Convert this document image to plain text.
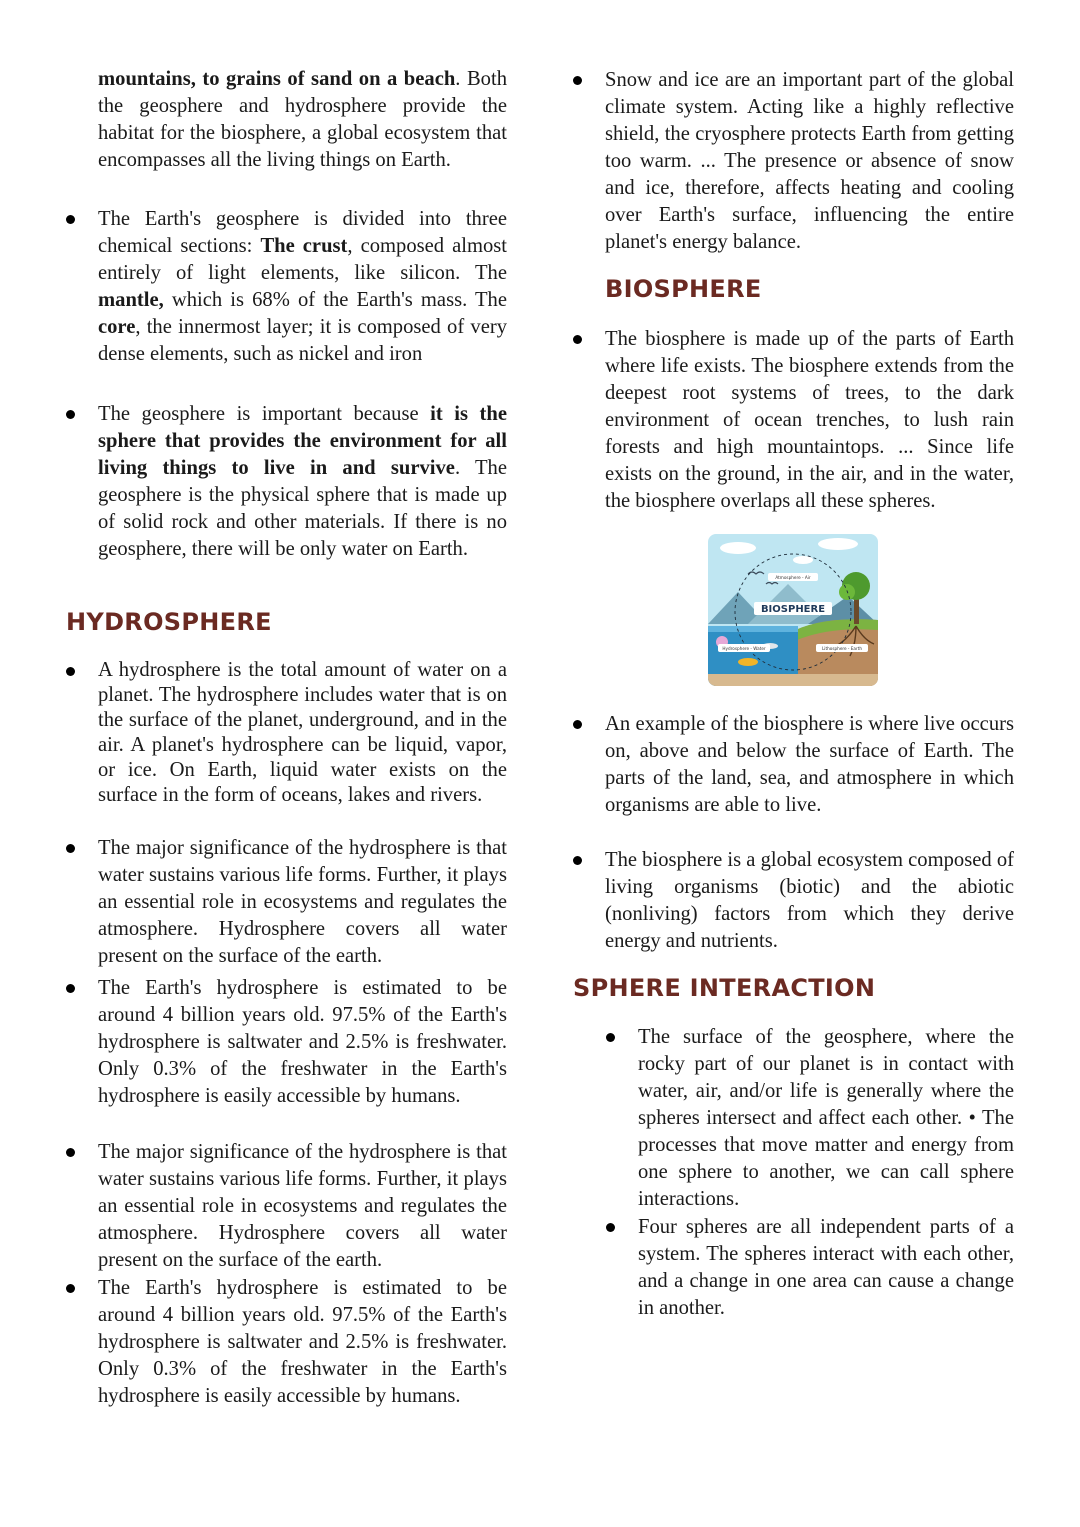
mountains, to grains of sand on a beach. Both the geosphere and hydrosphere provide the habitat for the biosphere, a global ecosystem that encompasses all the living things on Earth.

The Earth's geosphere is divided into three chemical sections: The crust, composed almost entirely of light elements, like silicon. The mantle, which is 68% of the Earth's mass. The core, the innermost layer; it is composed of very dense elements, such as nickel and iron

The geosphere is important because it is the sphere that provides the environment for all living things to live in and survive. The geosphere is the physical sphere that is made up of solid rock and other materials. If there is no geosphere, there will be only water on Earth.

HYDROSPHERE

A hydrosphere is the total amount of water on a planet. The hydrosphere includes water that is on the surface of the planet, underground, and in the air. A planet's hydrosphere can be liquid, vapor, or ice. On Earth, liquid water exists on the surface in the form of oceans, lakes and rivers.

The major significance of the hydrosphere is that water sustains various life forms. Further, it plays an essential role in ecosystems and regulates the atmosphere. Hydrosphere covers all water present on the surface of the earth.

The Earth's hydrosphere is estimated to be around 4 billion years old. 97.5% of the Earth's hydrosphere is saltwater and 2.5% is freshwater. Only 0.3% of the freshwater in the Earth's hydrosphere is easily accessible by humans.

The major significance of the hydrosphere is that water sustains various life forms. Further, it plays an essential role in ecosystems and regulates the atmosphere. Hydrosphere covers all water present on the surface of the earth.

The Earth's hydrosphere is estimated to be around 4 billion years old. 97.5% of the Earth's hydrosphere is saltwater and 2.5% is freshwater. Only 0.3% of the freshwater in the Earth's hydrosphere is easily accessible by humans.

Snow and ice are an important part of the global climate system. Acting like a highly reflective shield, the cryosphere protects Earth from getting too warm. ... The presence or absence of snow and ice, therefore, affects heating and cooling over Earth's surface, influencing the entire planet's energy balance.

BIOSPHERE

The biosphere is made up of the parts of Earth where life exists. The biosphere extends from the deepest root systems of trees, to the dark environment of ocean trenches, to lush rain forests and high mountaintops. ... Since life exists on the ground, in the air, and in the water, the biosphere overlaps all these spheres.

An example of the biosphere is where live occurs on, above and below the surface of Earth. The parts of the land, sea, and atmosphere in which organisms are able to live.

The biosphere is a global ecosystem composed of living organisms (biotic) and the abiotic (nonliving) factors from which they derive energy and nutrients.

SPHERE INTERACTION

The surface of the geosphere, where the rocky part of our planet is in contact with water, air, and/or life is generally where the spheres intersect and affect each other. • The processes that move matter and energy from one sphere to another, we can call sphere interactions.

Four spheres are all independent parts of a system. The spheres interact with each other, and a change in one area can cause a change in another.

BIOSPHERE
Atmosphere - Air
Hydrosphere - Water	Lithosphere - Earth
